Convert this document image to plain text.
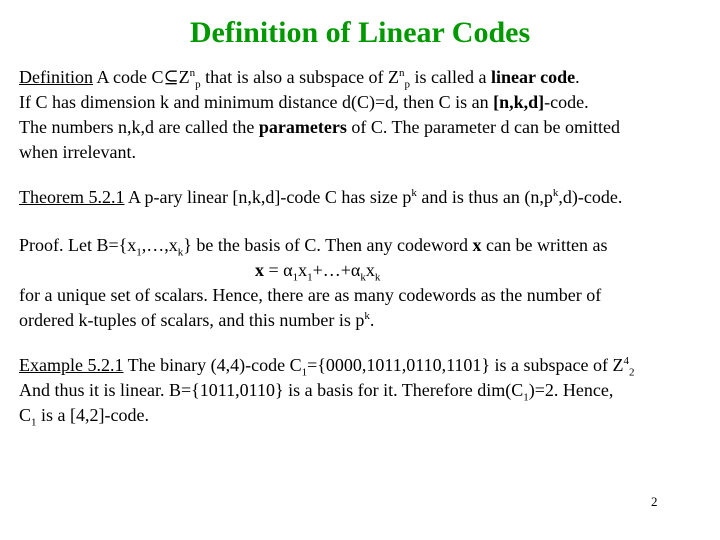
Definition of Linear Codes
Definition A code $C⊆Z^n_p$ that is also a subspace of $Z^n_p$ is called a linear code.
If C has dimension k and minimum distance d(C)=d, then C is an [n,k,d]-code.
The numbers n,k,d are called the parameters of C. The parameter d can be omitted
when irrelevant.
Theorem 5.2.1 A p-ary linear [n,k,d]-code C has size $p^k$ and is thus an $(n,p^k,d)$-code.
Proof. Let $B=\{x_1,\dots,x_k\}$ be the basis of C. Then any codeword x can be written as
$x = \alpha_1x_1+\dots+\alpha_kx_k$
for a unique set of scalars. Hence, there are as many codewords as the number of
ordered k-tuples of scalars, and this number is $p^k$.
Example 5.2.1 The binary (4,4)-code $C_1=\{0000,1011,0110,1101\}$ is a subspace of $Z^4_2$
And thus it is linear. B={1011,0110} is a basis for it. Therefore $dim(C_1)=2$. Hence,
$C_1$ is a [4,2]-code.
2
